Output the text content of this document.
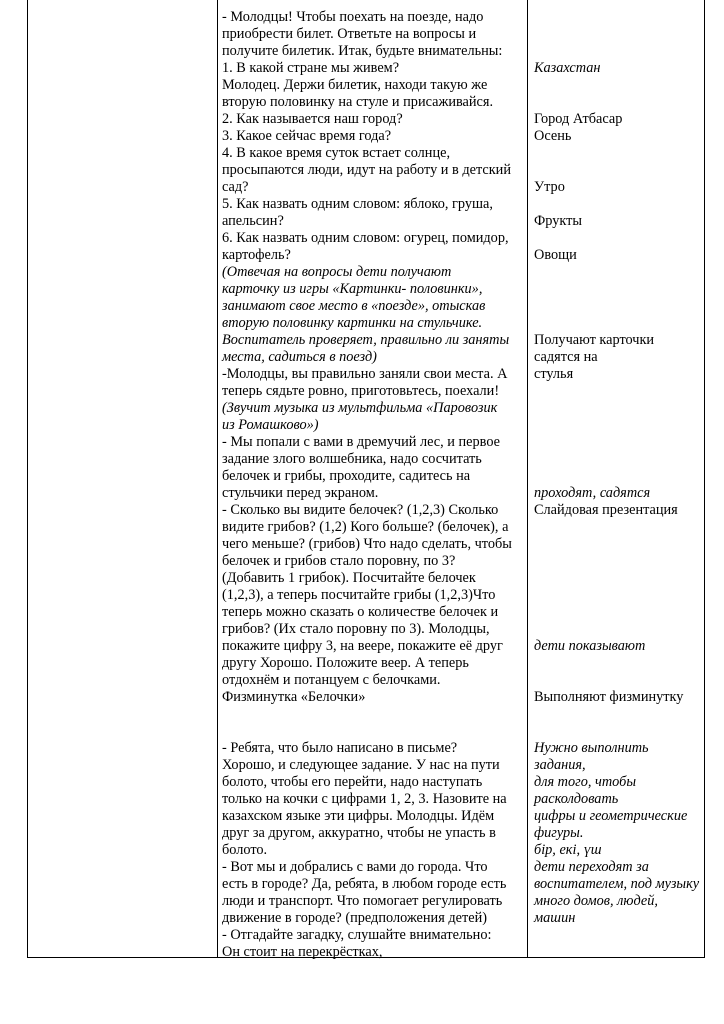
- Молодцы! Чтобы поехать на поезде, надо
приобрести билет. Ответьте на вопросы и
получите билетик. Итак, будьте внимательны:
1. В какой стране мы живем?
Молодец. Держи билетик, находи такую же
вторую половинку на стуле и присаживайся.
2. Как называется наш город?
3. Какое сейчас время года?
4. В какое время суток встает солнце,
просыпаются люди, идут на работу и в детский
сад?
5. Как назвать одним словом: яблоко, груша,
апельсин?
6. Как назвать одним словом: огурец, помидор,
картофель?
(Отвечая на вопросы дети получают
карточку из игры «Картинки- половинки»,
занимают свое место в «поезде», отыскав
вторую половинку картинки на стульчике.
Воспитатель проверяет, правильно ли заняты
места, садиться в поезд)
-Молодцы, вы правильно заняли свои места. А
теперь сядьте ровно, приготовьтесь, поехали!
(Звучит музыка из мультфильма «Паровозик
из Ромашково»)
- Мы попали с вами в дремучий лес, и первое
задание злого волшебника, надо сосчитать
белочек и грибы, проходите, садитесь на
стульчики перед экраном.
- Сколько вы видите белочек? (1,2,3) Сколько
видите грибов? (1,2) Кого больше? (белочек), а
чего меньше? (грибов) Что надо сделать, чтобы
белочек и грибов стало поровну, по 3?
(Добавить 1 грибок). Посчитайте белочек
(1,2,3), а теперь посчитайте грибы (1,2,3)Что
теперь можно сказать о количестве белочек и
грибов? (Их стало поровну по 3). Молодцы,
покажите цифру 3, на вeере, покажите её друг
другу Хорошо. Положите веер. А теперь
отдохнём и потанцуем с белочками.
Физминутка «Белочки»
- Ребята, что было написано в письме?
Хорошо, и следующее задание. У нас на пути
болото, чтобы его перейти, надо наступать
только на кочки с цифрами 1, 2, 3. Назовите на
казахском языке эти цифры. Молодцы. Идём
друг за другом, аккуратно, чтобы не упасть в
болото.
- Вот мы и добрались с вами до города. Что
есть в городе? Да, ребята, в любом городе есть
люди и транспорт. Что помогает регулировать
движение в городе? (предположения детей)
- Отгадайте загадку, слушайте внимательно:
Он стоит на перекрёстках,
Казахстан
Город Атбасар
Осень
Утро
Фрукты
Овощи
Получают карточки
садятся на
стулья
проходят, садятся
Слайдовая презентация
дети показывают
Выполняют физминутку
Нужно выполнить
задания,
для того, чтобы
расколдовать
цифры и геометрические
фигуры.
бір, екі, үш
дети переходят за
воспитателем, под музыку
много домов, людей,
машин
